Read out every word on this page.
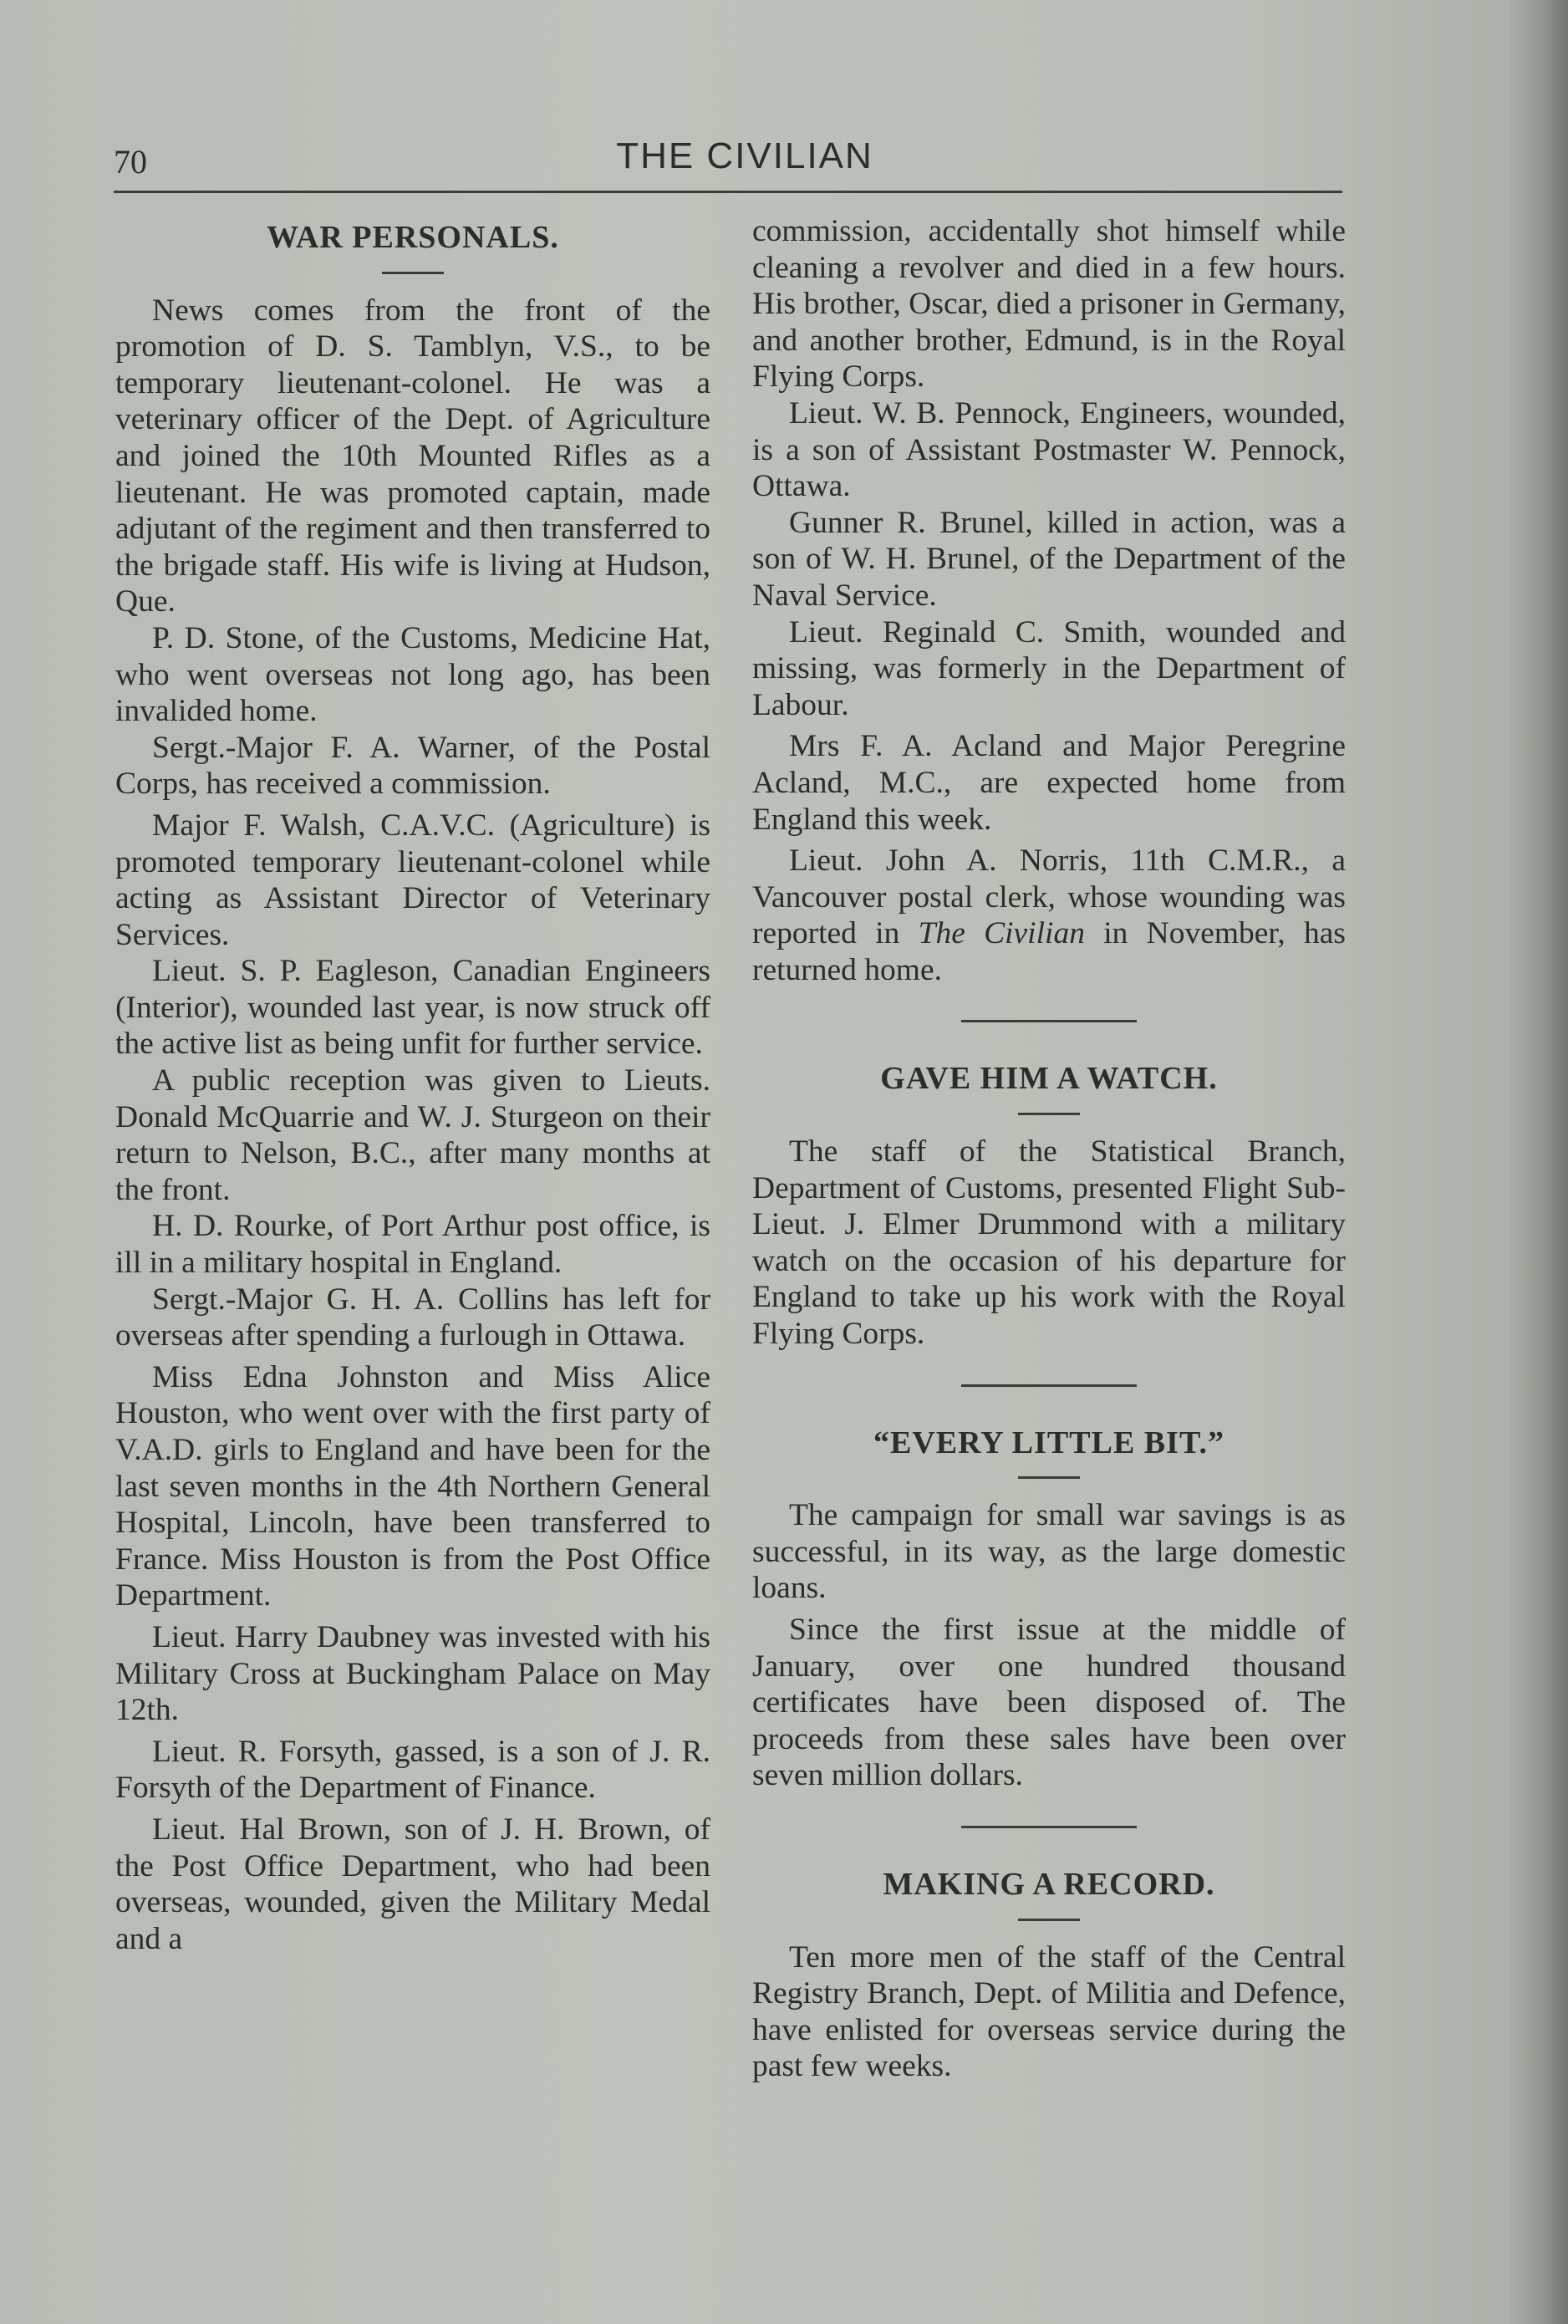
70	THE CIVILIAN
WAR PERSONALS.

News comes from the front of the promotion of D. S. Tamblyn, V.S., to be temporary lieutenant-colonel. He was a veterinary officer of the Dept. of Agriculture and joined the 10th Mounted Rifles as a lieutenant. He was promoted captain, made adjutant of the regiment and then transferred to the brigade staff. His wife is living at Hudson, Que.

P. D. Stone, of the Customs, Medicine Hat, who went overseas not long ago, has been invalided home.

Sergt.-Major F. A. Warner, of the Postal Corps, has received a commission.

Major F. Walsh, C.A.V.C. (Agriculture) is promoted temporary lieutenant-colonel while acting as Assistant Director of Veterinary Services.

Lieut. S. P. Eagleson, Canadian Engineers (Interior), wounded last year, is now struck off the active list as being unfit for further service.

A public reception was given to Lieuts. Donald McQuarrie and W. J. Sturgeon on their return to Nelson, B.C., after many months at the front.

H. D. Rourke, of Port Arthur post office, is ill in a military hospital in England.

Sergt.-Major G. H. A. Collins has left for overseas after spending a furlough in Ottawa.

Miss Edna Johnston and Miss Alice Houston, who went over with the first party of V.A.D. girls to England and have been for the last seven months in the 4th Northern General Hospital, Lincoln, have been transferred to France. Miss Houston is from the Post Office Department.

Lieut. Harry Daubney was invested with his Military Cross at Buckingham Palace on May 12th.

Lieut. R. Forsyth, gassed, is a son of J. R. Forsyth of the Department of Finance.

Lieut. Hal Brown, son of J. H. Brown, of the Post Office Department, who had been overseas, wounded, given the Military Medal and a

commission, accidentally shot himself while cleaning a revolver and died in a few hours. His brother, Oscar, died a prisoner in Germany, and another brother, Edmund, is in the Royal Flying Corps.

Lieut. W. B. Pennock, Engineers, wounded, is a son of Assistant Postmaster W. Pennock, Ottawa.

Gunner R. Brunel, killed in action, was a son of W. H. Brunel, of the Department of the Naval Service.

Lieut. Reginald C. Smith, wounded and missing, was formerly in the Department of Labour.

Mrs F. A. Acland and Major Peregrine Acland, M.C., are expected home from England this week.

Lieut. John A. Norris, 11th C.M.R., a Vancouver postal clerk, whose wounding was reported in The Civilian in November, has returned home.

GAVE HIM A WATCH.

The staff of the Statistical Branch, Department of Customs, presented Flight Sub-Lieut. J. Elmer Drummond with a military watch on the occasion of his departure for England to take up his work with the Royal Flying Corps.

“EVERY LITTLE BIT.”

The campaign for small war savings is as successful, in its way, as the large domestic loans.

Since the first issue at the middle of January, over one hundred thousand certificates have been disposed of. The proceeds from these sales have been over seven million dollars.

MAKING A RECORD.

Ten more men of the staff of the Central Registry Branch, Dept. of Militia and Defence, have enlisted for overseas service during the past few weeks.
